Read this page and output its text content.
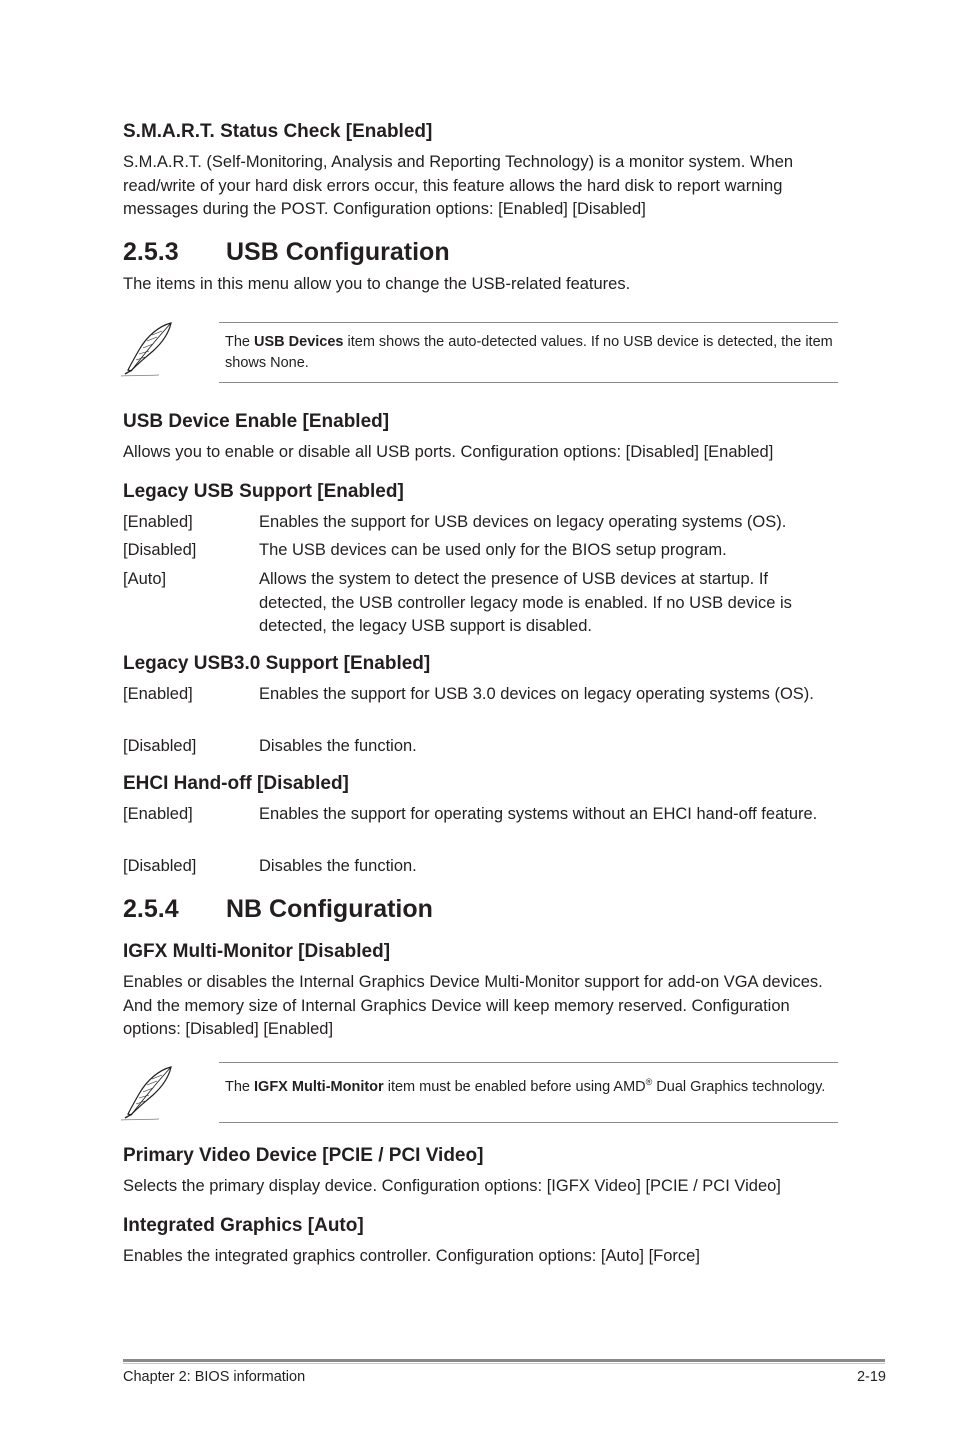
S.M.A.R.T. Status Check [Enabled]

S.M.A.R.T. (Self-Monitoring, Analysis and Reporting Technology) is a monitor system. When read/write of your hard disk errors occur, this feature allows the hard disk to report warning messages during the POST. Configuration options: [Enabled] [Disabled]

2.5.3 USB Configuration

The items in this menu allow you to change the USB-related features.

The USB Devices item shows the auto-detected values. If no USB device is detected, the item shows None.
USB Device Enable [Enabled]

Allows you to enable or disable all USB ports. Configuration options: [Disabled] [Enabled]

Legacy USB Support [Enabled]
[Enabled]	Enables the support for USB devices on legacy operating systems (OS).
[Disabled]	The USB devices can be used only for the BIOS setup program.
[Auto]	Allows the system to detect the presence of USB devices at startup. If detected, the USB controller legacy mode is enabled. If no USB device is detected, the legacy USB support is disabled.
Legacy USB3.0 Support [Enabled]
[Enabled]	Enables the support for USB 3.0 devices on legacy operating systems (OS).
[Disabled]	Disables the function.
EHCI Hand-off [Disabled]
[Enabled]	Enables the support for operating systems without an EHCI hand-off feature.
[Disabled]	Disables the function.
2.5.4 NB Configuration
IGFX Multi-Monitor [Disabled]

Enables or disables the Internal Graphics Device Multi-Monitor support for add-on VGA devices. And the memory size of Internal Graphics Device will keep memory reserved. Configuration options: [Disabled] [Enabled]

The IGFX Multi-Monitor item must be enabled before using AMD® Dual Graphics technology.
Primary Video Device [PCIE / PCI Video]

Selects the primary display device. Configuration options: [IGFX Video] [PCIE / PCI Video]

Integrated Graphics [Auto]

Enables the integrated graphics controller. Configuration options: [Auto] [Force]

Chapter 2: BIOS information	2-19
